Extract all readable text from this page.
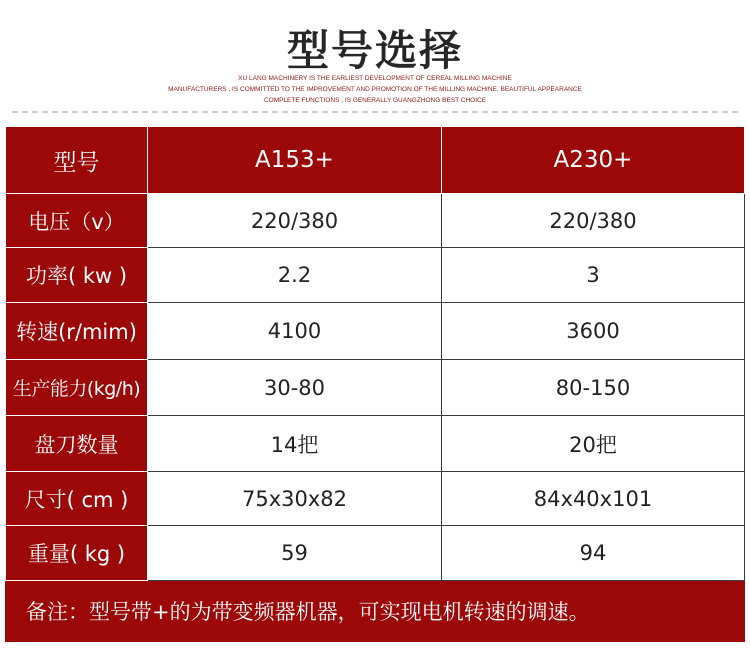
型号选择
XU LANG MACHINERY IS THE EARLIEST DEVELOPMENT OF CEREAL MILLING MACHINE
MANUFACTURERS , IS COMMITTED TO THE IMPROVEMENT AND PROMOTION OF THE MILLING MACHINE, BEAUTIFUL APPEARANCE
COMPLETE FUNCTIONS , IS GENERALLY GUANGZHONG BEST CHOICE
型号	A153+	A230+
电压（v）	220/380	220/380
功率( kw )	2.2	3
转速(r/mim)	4100	3600
生产能力(kg/h)	30-80	80-150
盘刀数量	14把	20把
尺寸( cm )	75x30x82	84x40x101
重量( kg )	59	94
备注：型号带+的为带变频器机器，可实现电机转速的调速。		
